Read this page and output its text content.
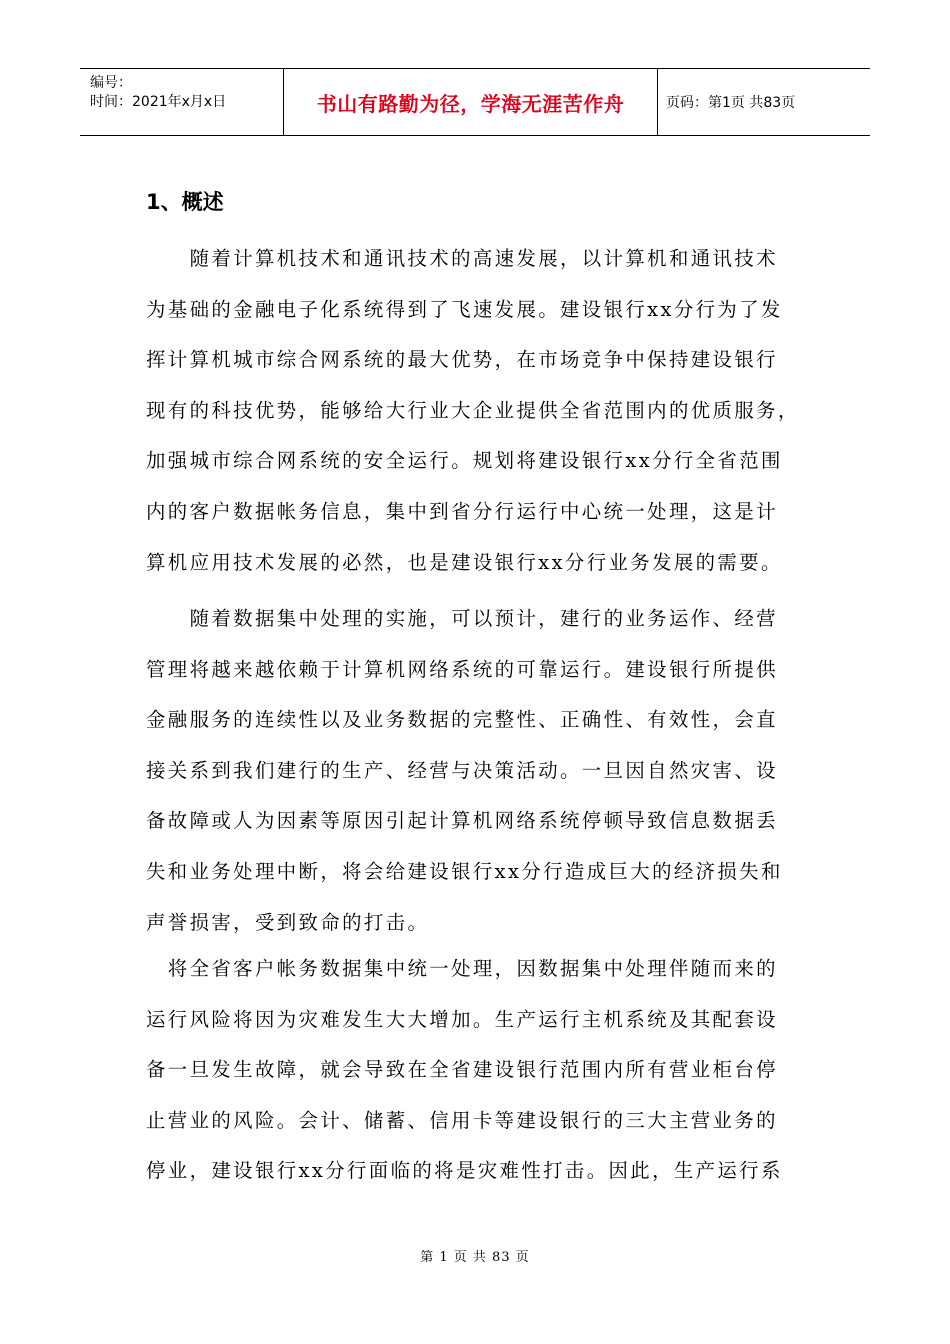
编号：
时间：2021年x月x日	书山有路勤为径，学海无涯苦作舟	页码：第1页 共83页
1、概述
　　随着计算机技术和通讯技术的高速发展，以计算机和通讯技术
为基础的金融电子化系统得到了飞速发展。建设银行xx分行为了发
挥计算机城市综合网系统的最大优势，在市场竞争中保持建设银行
现有的科技优势，能够给大行业大企业提供全省范围内的优质服务，
加强城市综合网系统的安全运行。规划将建设银行xx分行全省范围
内的客户数据帐务信息，集中到省分行运行中心统一处理，这是计
算机应用技术发展的必然，也是建设银行xx分行业务发展的需要。
　　随着数据集中处理的实施，可以预计，建行的业务运作、经营
管理将越来越依赖于计算机网络系统的可靠运行。建设银行所提供
金融服务的连续性以及业务数据的完整性、正确性、有效性，会直
接关系到我们建行的生产、经营与决策活动。一旦因自然灾害、设
备故障或人为因素等原因引起计算机网络系统停顿导致信息数据丢
失和业务处理中断，将会给建设银行xx分行造成巨大的经济损失和
声誉损害，受到致命的打击。
　将全省客户帐务数据集中统一处理，因数据集中处理伴随而来的
运行风险将因为灾难发生大大增加。生产运行主机系统及其配套设
备一旦发生故障，就会导致在全省建设银行范围内所有营业柜台停
止营业的风险。会计、储蓄、信用卡等建设银行的三大主营业务的
停业，建设银行xx分行面临的将是灾难性打击。因此，生产运行系
第 1 页 共 83 页
